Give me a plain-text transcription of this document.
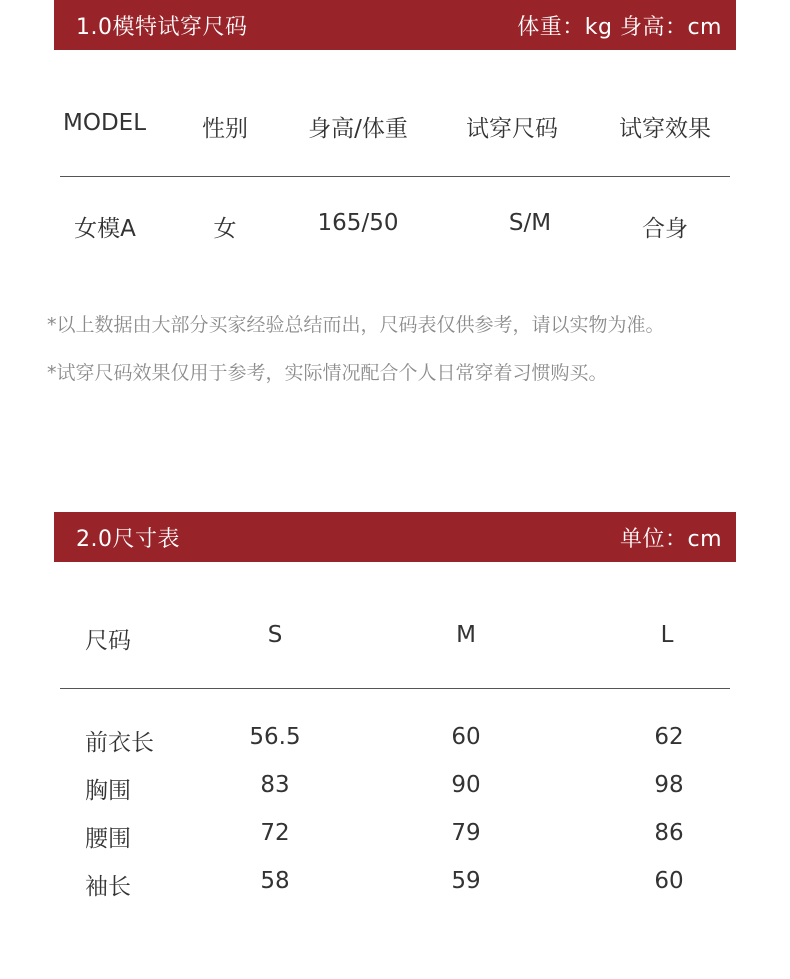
1.0模特试穿尺码	体重：kg 身高：cm
MODEL 性别	身高/体重	试穿尺码	试穿效果
女模A	女	165/50	S/M	合身
*以上数据由大部分买家经验总结而出，尺码表仅供参考，请以实物为准。
*试穿尺码效果仅用于参考，实际情况配合个人日常穿着习惯购买。
2.0尺寸表	单位：cm
尺码	S	M	L
前衣长	56.5	60	62
胸围	83	90	98
腰围	72	79	86
袖长	58	59	60
